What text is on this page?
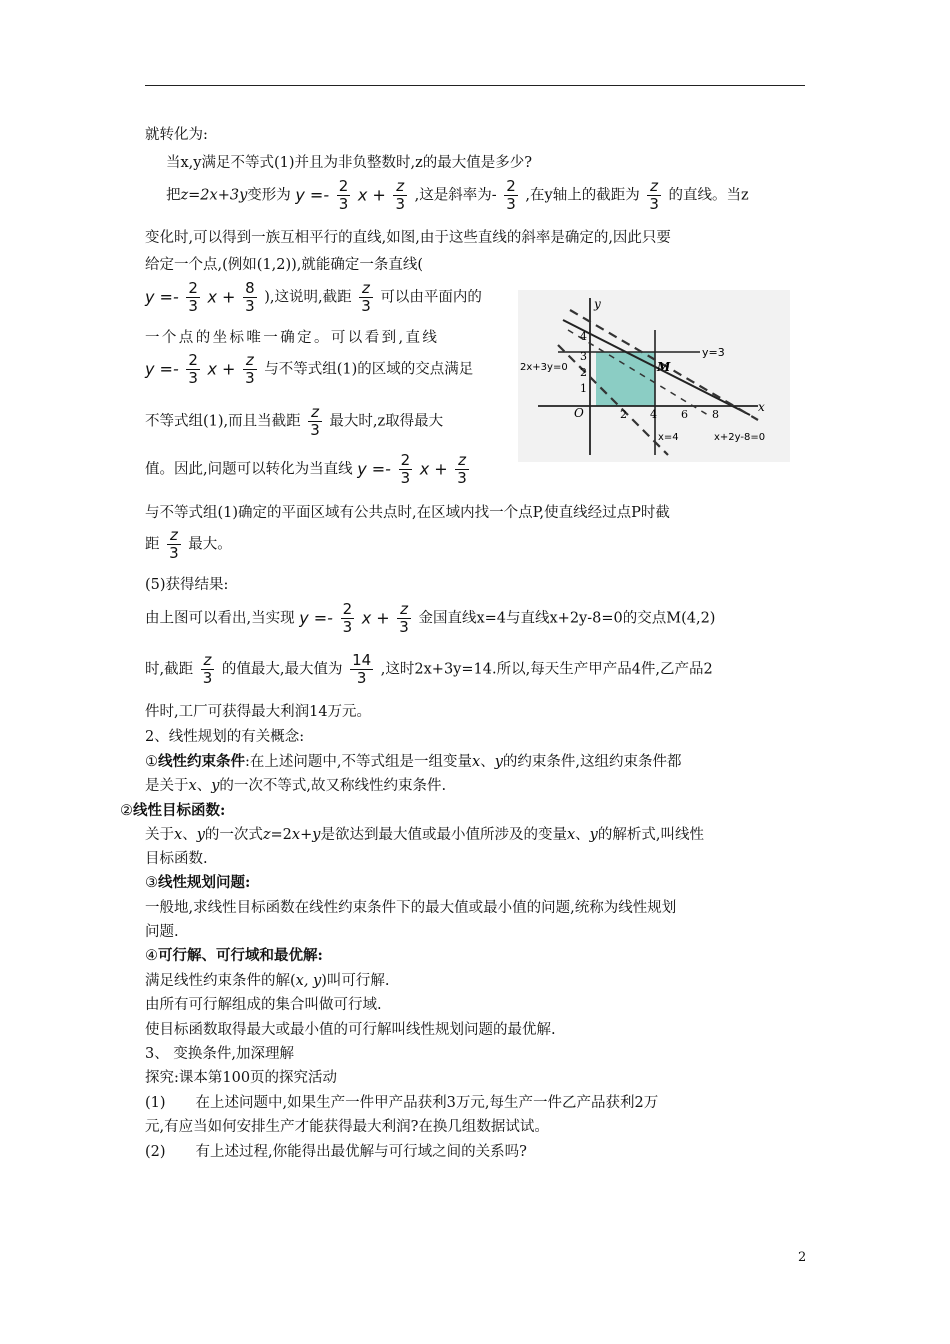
就转化为:
当x,y满足不等式(1)并且为非负整数时,z的最大值是多少?
把z=2x+3y变形为 $y =- \frac{2}{3}$ $x + \frac{z}{3}$ ,这是斜率为- $\frac{2}{3}$ ,在y轴上的截距为 $\frac{z}{3}$ 的直线。当z
变化时,可以得到一族互相平行的直线,如图,由于这些直线的斜率是确定的,因此只要
给定一个点,(例如(1,2)),就能确定一条直线(
$y =- \frac{2}{3}$ $x + \frac{8}{3}$ ),这说明,截距 $\frac{z}{3}$ 可以由平面内的
一个点的坐标唯一确定。可以看到,直线
$y =- \frac{2}{3}$ $x + \frac{z}{3}$ 与不等式组(1)的区域的交点满足
不等式组(1),而且当截距 $\frac{z}{3}$ 最大时,z取得最大
值。因此,问题可以转化为当直线 $y =- \frac{2}{3}$ $x + \frac{z}{3}$
与不等式组(1)确定的平面区域有公共点时,在区域内找一个点P,使直线经过点P时截
距 $\frac{z}{3}$ 最大。
(5)获得结果:
由上图可以看出,当实现 $y =- \frac{2}{3}$ $x + \frac{z}{3}$ 金国直线x=4与直线x+2y-8=0的交点M(4,2)
时,截距 $\frac{z}{3}$ 的值最大,最大值为 $\frac{14}{3}$ ,这时2x+3y=14.所以,每天生产甲产品4件,乙产品2
件时,工厂可获得最大利润14万元。
2、线性规划的有关概念:
①线性约束条件:在上述问题中,不等式组是一组变量x、y的约束条件,这组约束条件都
是关于x、y的一次不等式,故又称线性约束条件.
②线性目标函数:
关于x、y的一次式z=2x+y是欲达到最大值或最小值所涉及的变量x、y的解析式,叫线性
目标函数.
③线性规划问题:
一般地,求线性目标函数在线性约束条件下的最大值或最小值的问题,统称为线性规划
问题.
④可行解、可行域和最优解:
满足线性约束条件的解(x, y)叫可行解.
由所有可行解组成的集合叫做可行域.
使目标函数取得最大或最小值的可行解叫线性规划问题的最优解.
3、 变换条件,加深理解
探究:课本第100页的探究活动
(1) 在上述问题中,如果生产一件甲产品获利3万元,每生产一件乙产品获利2万
元,有应当如何安排生产才能获得最大利润?在换几组数据试试。
(2) 有上述过程,你能得出最优解与可行域之间的关系吗?
y
x
O
y=3
2x+3y=0
x=4	x+2y-8=0
M
2 4 6 8
4
3
2
1
2
